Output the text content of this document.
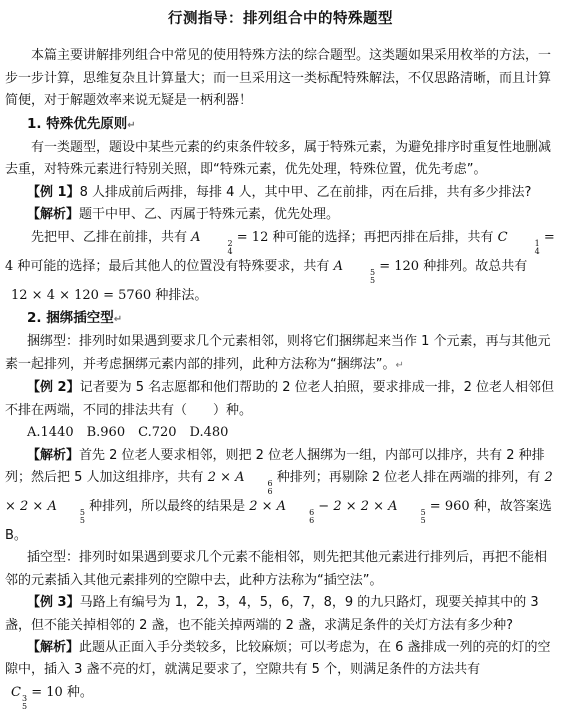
行测指导：排列组合中的特殊题型

本篇主要讲解排列组合中常见的使用特殊方法的综合题型。这类题如果采用枚举的方法，一步一步计算，思维复杂且计算量大；而一旦采用这一类标配特殊解法，不仅思路清晰，而且计算简便，对于解题效率来说无疑是一柄利器！

1. 特殊优先原则↵

有一类题型，题设中某些元素的约束条件较多，属于特殊元素，为避免排序时重复性地删减去重，对特殊元素进行特别关照，即“特殊元素，优先处理，特殊位置，优先考虑”。

【例 1】8 人排成前后两排，每排 4 人，其中甲、乙在前排，丙在后排，共有多少排法?

【解析】题干中甲、乙、丙属于特殊元素，优先处理。

先把甲、乙排在前排，共有 A	2
4
= 12 种可能的选择；再把丙排在后排，共有 C	1
4
= 4 种可能的选择；最后其他人的位置没有特殊要求，共有 A	5
5
= 120 种排列。故总共有

12 × 4 × 120 = 5760 种排法。

2. 捆绑插空型↵

捆绑型：排列时如果遇到要求几个元素相邻，则将它们捆绑起来当作 1 个元素，再与其他元素一起排列，并考虑捆绑元素内部的排列，此种方法称为“捆绑法”。↵

【例 2】记者要为 5 名志愿都和他们帮助的 2 位老人拍照，要求排成一排，2 位老人相邻但不排在两端，不同的排法共有（　　）种。

A.1440　B.960　C.720　D.480

【解析】首先 2 位老人要求相邻，则把 2 位老人捆绑为一组，内部可以排序，共有 2 种排列；然后把 5 人加这组排序，共有 2 × A	6
6
种排列；再剔除 2 位老人排在两端的排列，有 2 × 2 × A	5
5
种排列，所以最终的结果是 2 × A	6
6
− 2 × 2 × A	5
5
= 960 种，故答案选 B。

插空型：排列时如果遇到要求几个元素不能相邻，则先把其他元素进行排列后，再把不能相邻的元素插入其他元素排列的空隙中去，此种方法称为“插空法”。

【例 3】马路上有编号为 1，2，3，4，5，6，7，8，9 的九只路灯，现要关掉其中的 3 盏，但不能关掉相邻的 2 盏，也不能关掉两端的 2 盏，求满足条件的关灯方法有多少种?

【解析】此题从正面入手分类较多，比较麻烦；可以考虑为，在 6 盏排成一列的亮的灯的空隙中，插入 3 盏不亮的灯，就满足要求了，空隙共有 5 个，则满足条件的方法共有

C 3
5
= 10 种。
